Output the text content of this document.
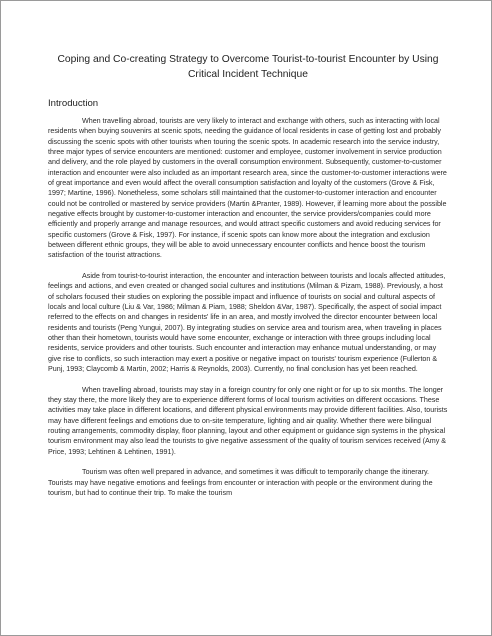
Coping and Co-creating Strategy to Overcome Tourist-to-tourist Encounter by Using Critical Incident Technique
Introduction

When travelling abroad, tourists are very likely to interact and exchange with others, such as interacting with local residents when buying souvenirs at scenic spots, needing the guidance of local residents in case of getting lost and probably discussing the scenic spots with other tourists when touring the scenic spots. In academic research into the service industry, three major types of service encounters are mentioned: customer and employee, customer involvement in service production and delivery, and the role played by customers in the overall consumption environment. Subsequently, customer-to-customer interaction and encounter were also included as an important research area, since the customer-to-customer interactions were of great importance and even would affect the overall consumption satisfaction and loyalty of the customers (Grove & Fisk, 1997; Martine, 1996). Nonetheless, some scholars still maintained that the customer-to-customer interaction and encounter could not be controlled or mastered by service providers (Martin &Pranter, 1989). However, if learning more about the possible negative effects brought by customer-to-customer interaction and encounter, the service providers/companies could more efficiently and properly arrange and manage resources, and would attract specific customers and avoid reducing services for specific customers (Grove & Fisk, 1997). For instance, if scenic spots can know more about the integration and exclusion between different ethnic groups, they will be able to avoid unnecessary encounter conflicts and hence boost the tourism satisfaction of the tourist attractions.

Aside from tourist-to-tourist interaction, the encounter and interaction between tourists and locals affected attitudes, feelings and actions, and even created or changed social cultures and institutions (Milman & Pizam, 1988). Previously, a host of scholars focused their studies on exploring the possible impact and influence of tourists on social and cultural aspects of locals and local culture (Liu & Var, 1986; Milman & Piam, 1988; Sheldon &Var, 1987). Specifically, the aspect of social impact referred to the effects on and changes in residents' life in an area, and mostly involved the director encounter between local residents and tourists (Peng Yungui, 2007). By integrating studies on service area and tourism area, when traveling in places other than their hometown, tourists would have some encounter, exchange or interaction with three groups including local residents, service providers and other tourists. Such encounter and interaction may enhance mutual understanding, or may give rise to conflicts, so such interaction may exert a positive or negative impact on tourists' tourism experience (Fullerton & Punj, 1993; Claycomb & Martin, 2002; Harris & Reynolds, 2003). Currently, no final conclusion has yet been reached.

When travelling abroad, tourists may stay in a foreign country for only one night or for up to six months. The longer they stay there, the more likely they are to experience different forms of local tourism activities on different occasions. These activities may take place in different locations, and different physical environments may provide different facilities. Also, tourists may have different feelings and emotions due to on-site temperature, lighting and air quality. Whether there were bilingual routing arrangements, commodity display, floor planning, layout and other equipment or guidance sign systems in the physical tourism environment may also lead the tourists to give negative assessment of the quality of tourism services received (Amy & Price, 1993; Lehtinen & Lehtinen, 1991).

Tourism was often well prepared in advance, and sometimes it was difficult to temporarily change the itinerary. Tourists may have negative emotions and feelings from encounter or interaction with people or the environment during the tourism, but had to continue their trip. To make the tourism
